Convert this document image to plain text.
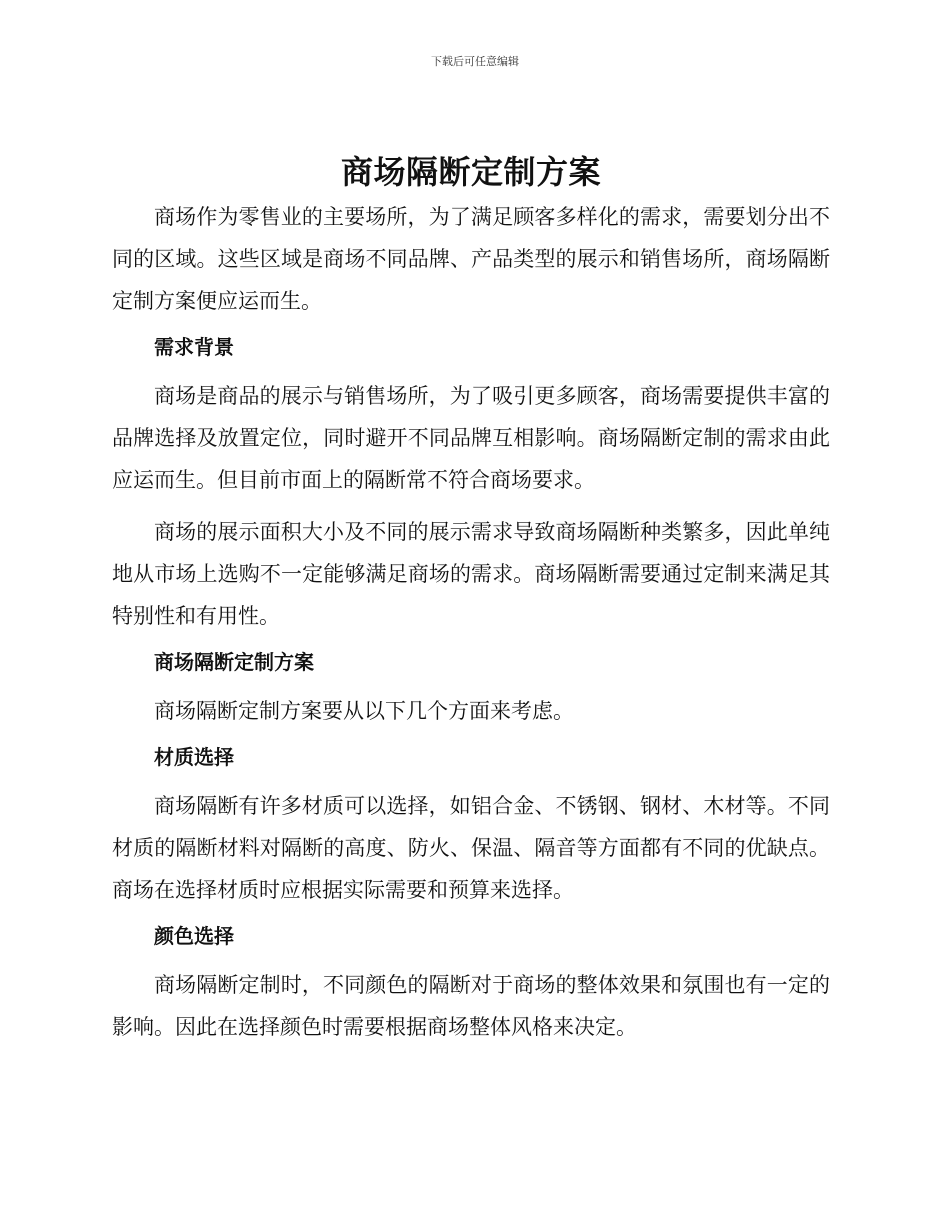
下载后可任意编辑
商场隔断定制方案

商场作为零售业的主要场所，为了满足顾客多样化的需求，需要划分出不同的区域。这些区域是商场不同品牌、产品类型的展示和销售场所，商场隔断定制方案便应运而生。

需求背景

商场是商品的展示与销售场所，为了吸引更多顾客，商场需要提供丰富的品牌选择及放置定位，同时避开不同品牌互相影响。商场隔断定制的需求由此应运而生。但目前市面上的隔断常不符合商场要求。

商场的展示面积大小及不同的展示需求导致商场隔断种类繁多，因此单纯地从市场上选购不一定能够满足商场的需求。商场隔断需要通过定制来满足其特别性和有用性。

商场隔断定制方案

商场隔断定制方案要从以下几个方面来考虑。

材质选择

商场隔断有许多材质可以选择，如铝合金、不锈钢、钢材、木材等。不同材质的隔断材料对隔断的高度、防火、保温、隔音等方面都有不同的优缺点。商场在选择材质时应根据实际需要和预算来选择。

颜色选择

商场隔断定制时，不同颜色的隔断对于商场的整体效果和氛围也有一定的影响。因此在选择颜色时需要根据商场整体风格来决定。
